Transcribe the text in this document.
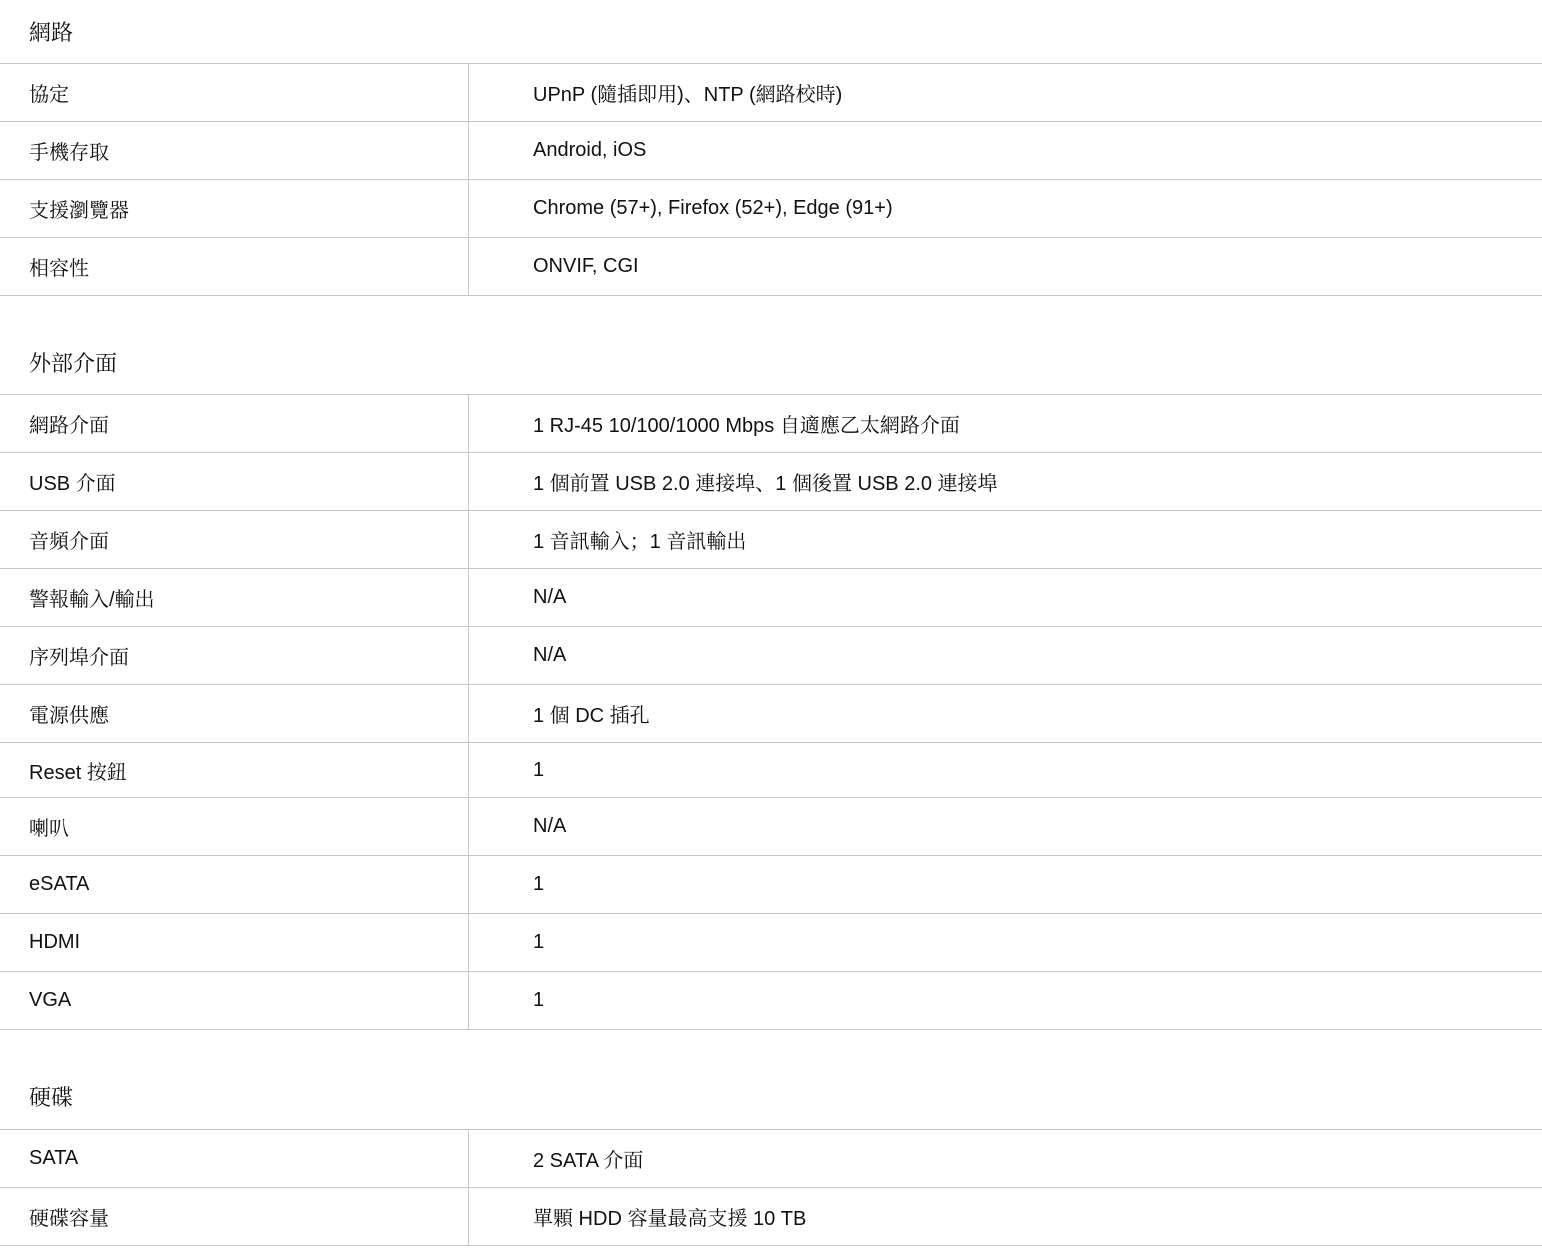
網路
協定	UPnP (隨插即用)、NTP (網路校時)
手機存取	Android, iOS
支援瀏覽器	Chrome (57+), Firefox (52+), Edge (91+)
相容性	ONVIF, CGI
外部介面
網路介面	1 RJ-45 10/100/1000 Mbps 自適應乙太網路介面
USB 介面	1 個前置 USB 2.0 連接埠、1 個後置 USB 2.0 連接埠
音頻介面	1 音訊輸入；1 音訊輸出
警報輸入/輸出	N/A
序列埠介面	N/A
電源供應	1 個 DC 插孔
Reset 按鈕	1
喇叭	N/A
eSATA	1
HDMI	1
VGA	1
硬碟
SATA	2 SATA 介面
硬碟容量	單顆 HDD 容量最高支援 10 TB
